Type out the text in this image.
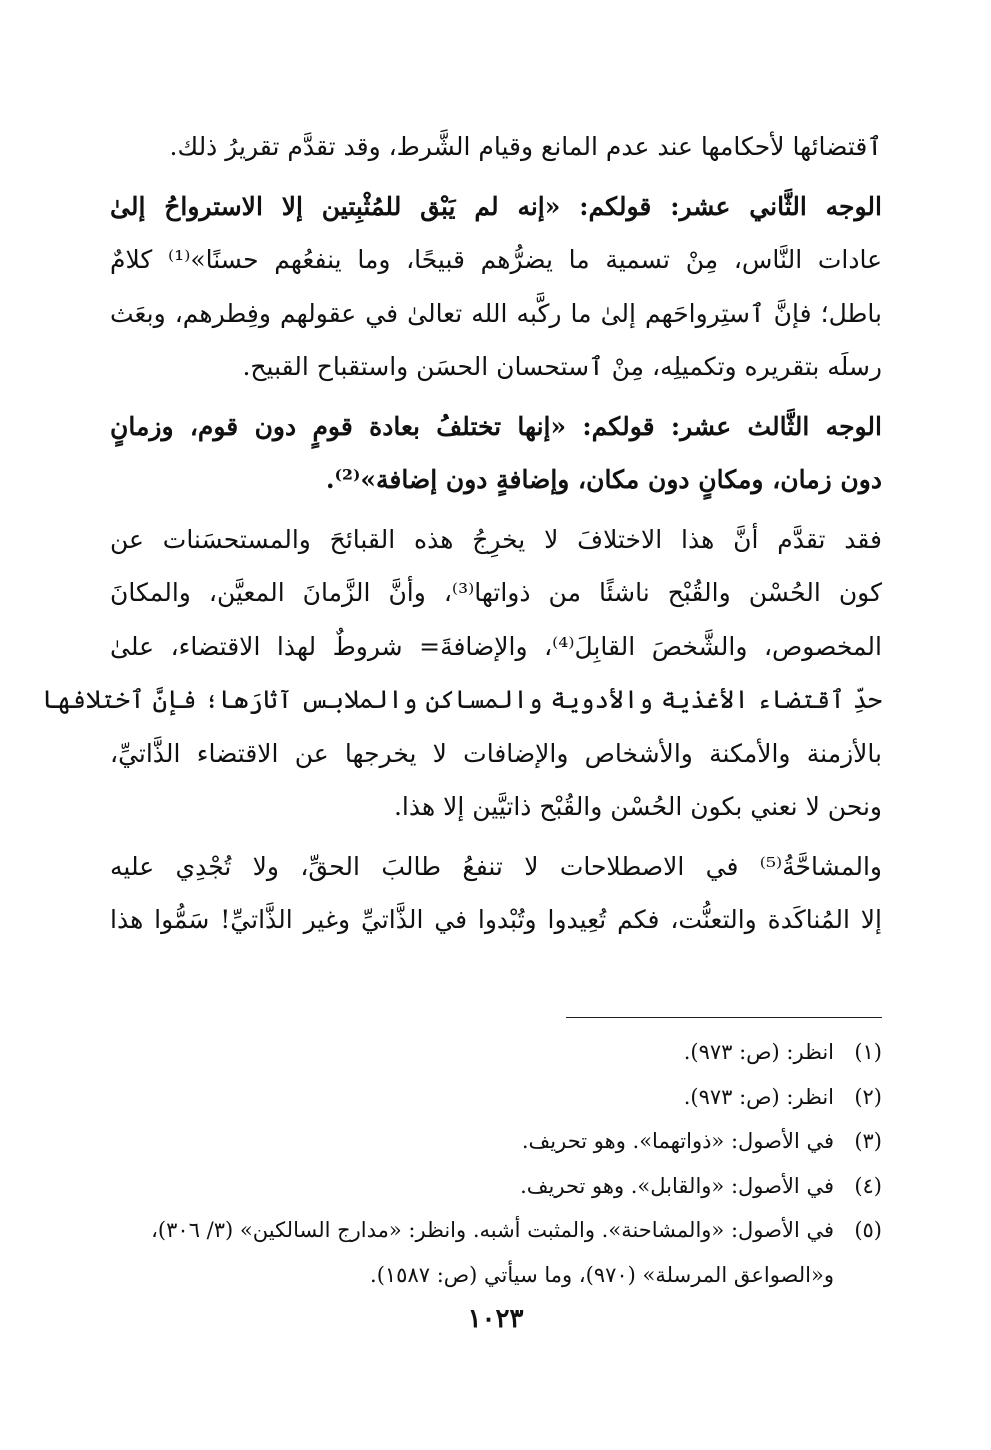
ٱقتضائها لأحكامها عند عدم المانع وقيام الشَّرط، وقد تقدَّم تقريرُ ذلك.
الوجه الثَّاني عشر: قولكم: «إنه لم يَبْق للمُثْبِتين إلا الاسترواحُ إلىٰ
عادات النَّاس، مِنْ تسمية ما يضرُّهم قبيحًا، وما ينفعُهم حسنًا»⁽¹⁾ كلامٌ
باطل؛ فإنَّ ٱستِرواحَهم إلىٰ ما ركَّبه الله تعالىٰ في عقولهم وفِطرهم، وبعَث
رسلَه بتقريره وتكميلِه، مِنْ ٱستحسان الحسَن واستقباح القبيح.
الوجه الثَّالث عشر: قولكم: «إنها تختلفُ بعادة قومٍ دون قوم، وزمانٍ
دون زمان، ومكانٍ دون مكان، وإضافةٍ دون إضافة»⁽²⁾.
فقد تقدَّم أنَّ هذا الاختلافَ لا يخرِجُ هذه القبائحَ والمستحسَنات عن
كون الحُسْن والقُبْح ناشئًا من ذواتها⁽³⁾، وأنَّ الزَّمانَ المعيَّن، والمكانَ
المخصوص، والشَّخصَ القابِلَ⁽⁴⁾، والإضافةَ= شروطٌ لهذا الاقتضاء، علىٰ
حدِّ ٱقتضاء الأغذية والأدوية والمساكن والملابس آثارَها؛ فإنَّ ٱختلافها
بالأزمنة والأمكنة والأشخاص والإضافات لا يخرجها عن الاقتضاء الذَّاتيِّ،
ونحن لا نعني بكون الحُسْن والقُبْح ذاتيَّين إلا هذا.
والمشاحَّةُ⁽⁵⁾ في الاصطلاحات لا تنفعُ طالبَ الحقِّ، ولا تُجْدِي عليه
إلا المُناكَدة والتعنُّت، فكم تُعِيدوا وتُبْدوا في الذَّاتيِّ وغير الذَّاتيِّ! سَمُّوا هذا
(١)
انظر: (ص: ٩٧٣).
(٢)
انظر: (ص: ٩٧٣).
(٣)
في الأصول: «ذواتهما». وهو تحريف.
(٤)
في الأصول: «والقابل». وهو تحريف.
(٥)
في الأصول: «والمشاحنة». والمثبت أشبه. وانظر: «مدارج السالكين» (٣/ ٣٠٦)،
و«الصواعق المرسلة» (٩٧٠)، وما سيأتي (ص: ١٥٨٧).
١٠٢٣
